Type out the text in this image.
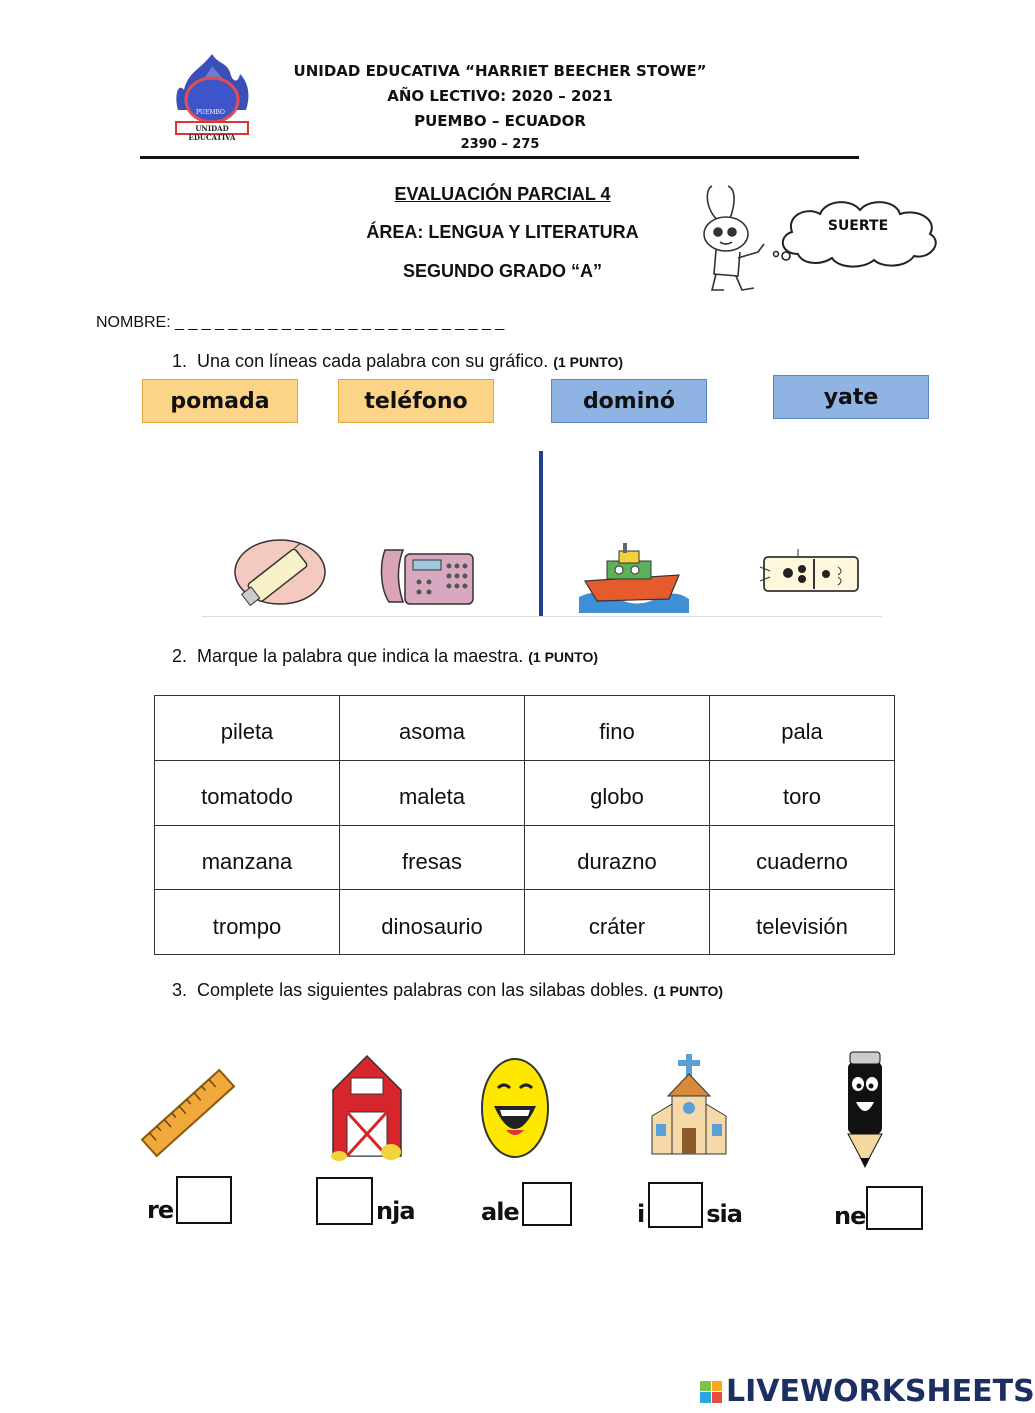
PUEMBO
UNIDAD EDUCATIVA
UNIDAD EDUCATIVA “HARRIET BEECHER STOWE”
AÑO LECTIVO: 2020 – 2021
PUEMBO – ECUADOR
2390 – 275
EVALUACIÓN PARCIAL 4
ÁREA: LENGUA Y LITERATURA
SEGUNDO GRADO “A”
SUERTE
NOMBRE: _ _ _ _ _ _ _ _ _ _ _ _ _ _ _ _ _ _ _ _ _ _ _ _ _
1. Una con líneas cada palabra con su gráfico. (1 PUNTO)
pomada	teléfono	dominó	yate
2. Marque la palabra que indica la maestra. (1 PUNTO)
pileta	asoma	fino	pala
tomatodo	maleta	globo	toro
manzana	fresas	durazno	cuaderno
trompo	dinosaurio	cráter	televisión
3. Complete las siguientes palabras con las silabas dobles. (1 PUNTO)
re	nja	ale	i	sia	ne
LIVEWORKSHEETS
